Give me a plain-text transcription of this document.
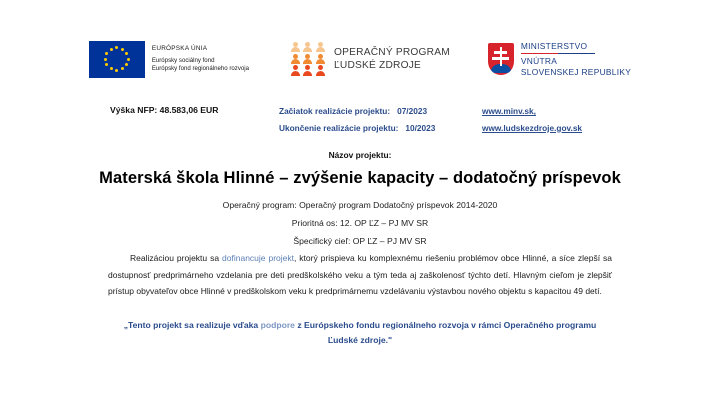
EURÓPSKA ÚNIA
Európsky sociálny fond
Európsky fond regionálneho rozvoja
OPERAČNÝ PROGRAM
ĽUDSKÉ ZDROJE
MINISTERSTVO
VNÚTRA
SLOVENSKEJ REPUBLIKY
Výška NFP: 48.583,06 EUR	Začiatok realizácie projektu: 07/2023
Ukončenie realizácie projektu: 10/2023
www.minv.sk,
www.ludskezdroje.gov.sk
Názov projektu:
Materská škola Hlinné – zvýšenie kapacity – dodatočný príspevok
Operačný program: Operačný program Dodatočný príspevok 2014-2020
Prioritná os: 12. OP ĽZ – PJ MV SR
Špecifický cieľ: OP ĽZ – PJ MV SR
Realizáciou projektu sa dofinancuje projekt, ktorý prispieva ku komplexnému riešeniu problémov obce Hlinné, a síce zlepší sa dostupnosť predprimárneho vzdelania pre deti predškolského veku a tým teda aj zaškolenosť týchto detí. Hlavným cieľom je zlepšiť prístup obyvateľov obce Hlinné v predškolskom veku k predprimárnemu vzdelávaniu výstavbou nového objektu s kapacitou 49 detí.
„Tento projekt sa realizuje vďaka podpore z Európskeho fondu regionálneho rozvoja v rámci Operačného programu Ľudské zdroje."
